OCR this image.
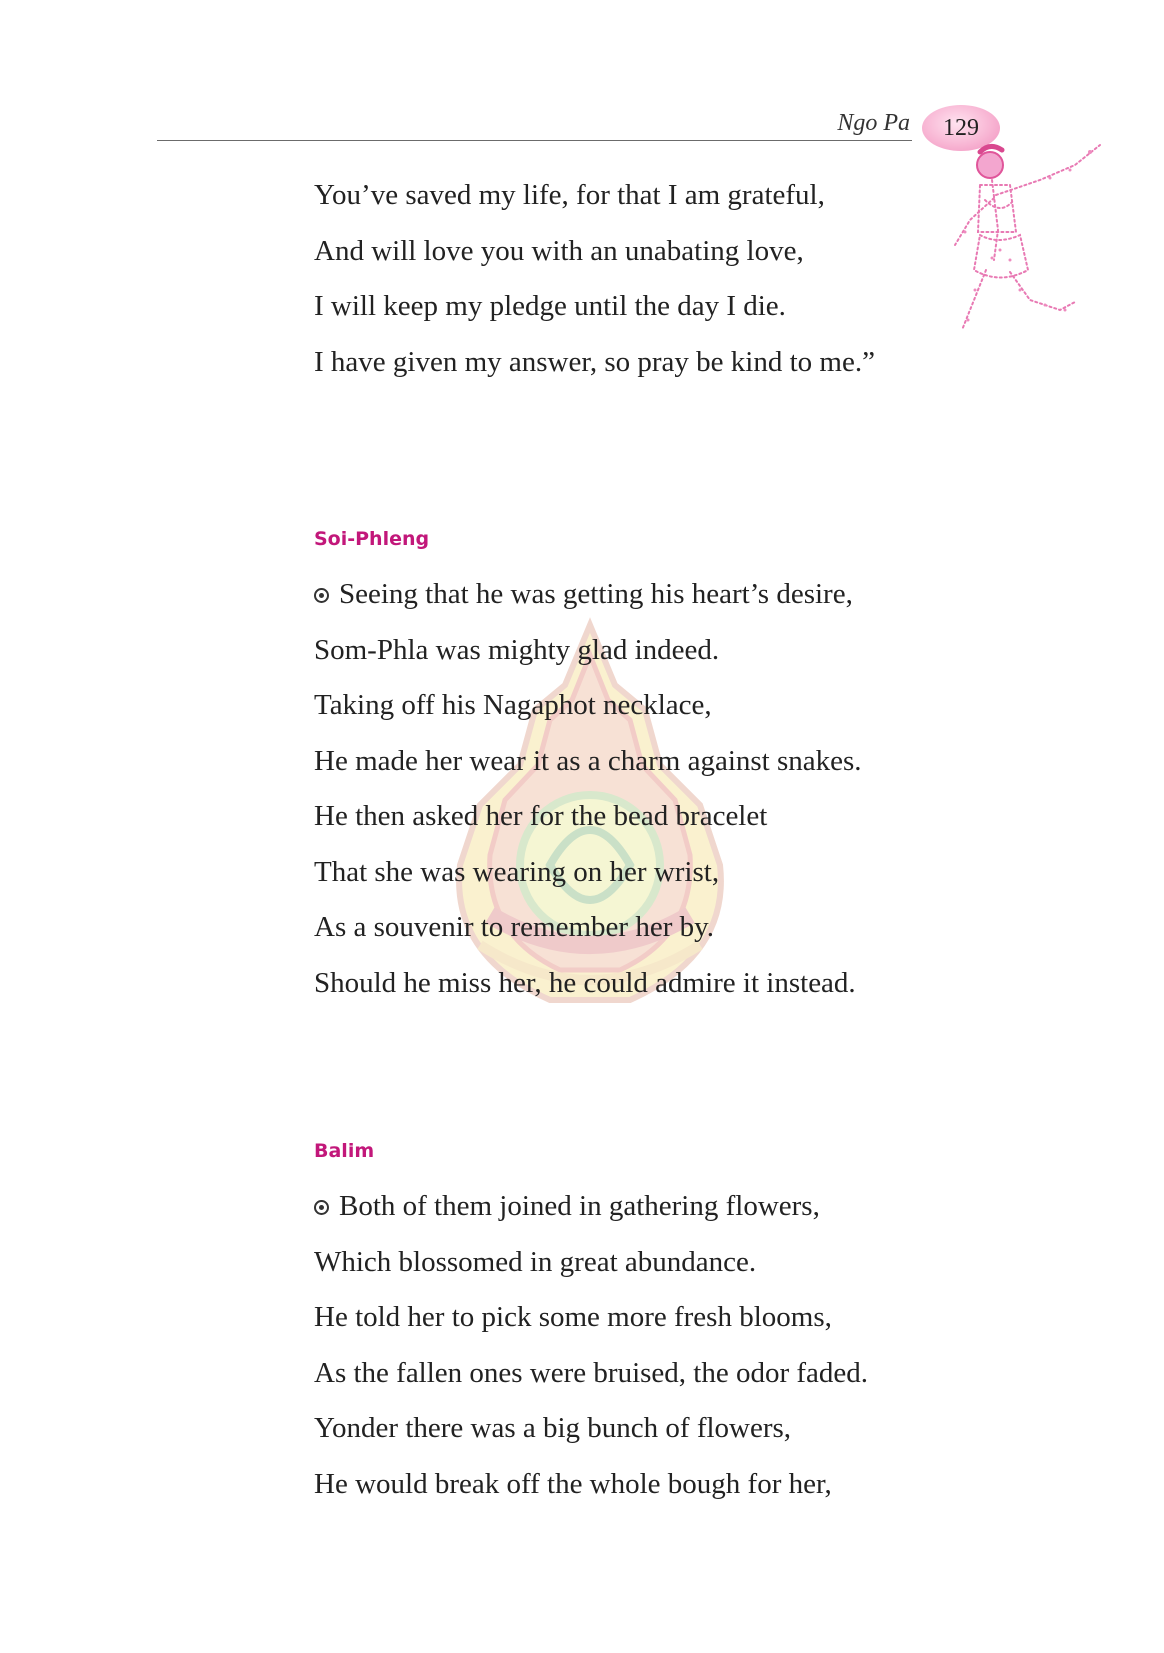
Ngo Pa 129
You’ve saved my life, for that I am grateful,
And will love you with an unabating love,
I will keep my pledge until the day I die.
I have given my answer, so pray be kind to me.”
Soi-Phleng
Seeing that he was getting his heart’s desire,
Som-Phla was mighty glad indeed.
Taking off his Nagaphot necklace,
He made her wear it as a charm against snakes.
He then asked her for the bead bracelet
That she was wearing on her wrist,
As a souvenir to remember her by.
Should he miss her, he could admire it instead.
Balim
Both of them joined in gathering flowers,
Which blossomed in great abundance.
He told her to pick some more fresh blooms,
As the fallen ones were bruised, the odor faded.
Yonder there was a big bunch of flowers,
He would break off the whole bough for her,
